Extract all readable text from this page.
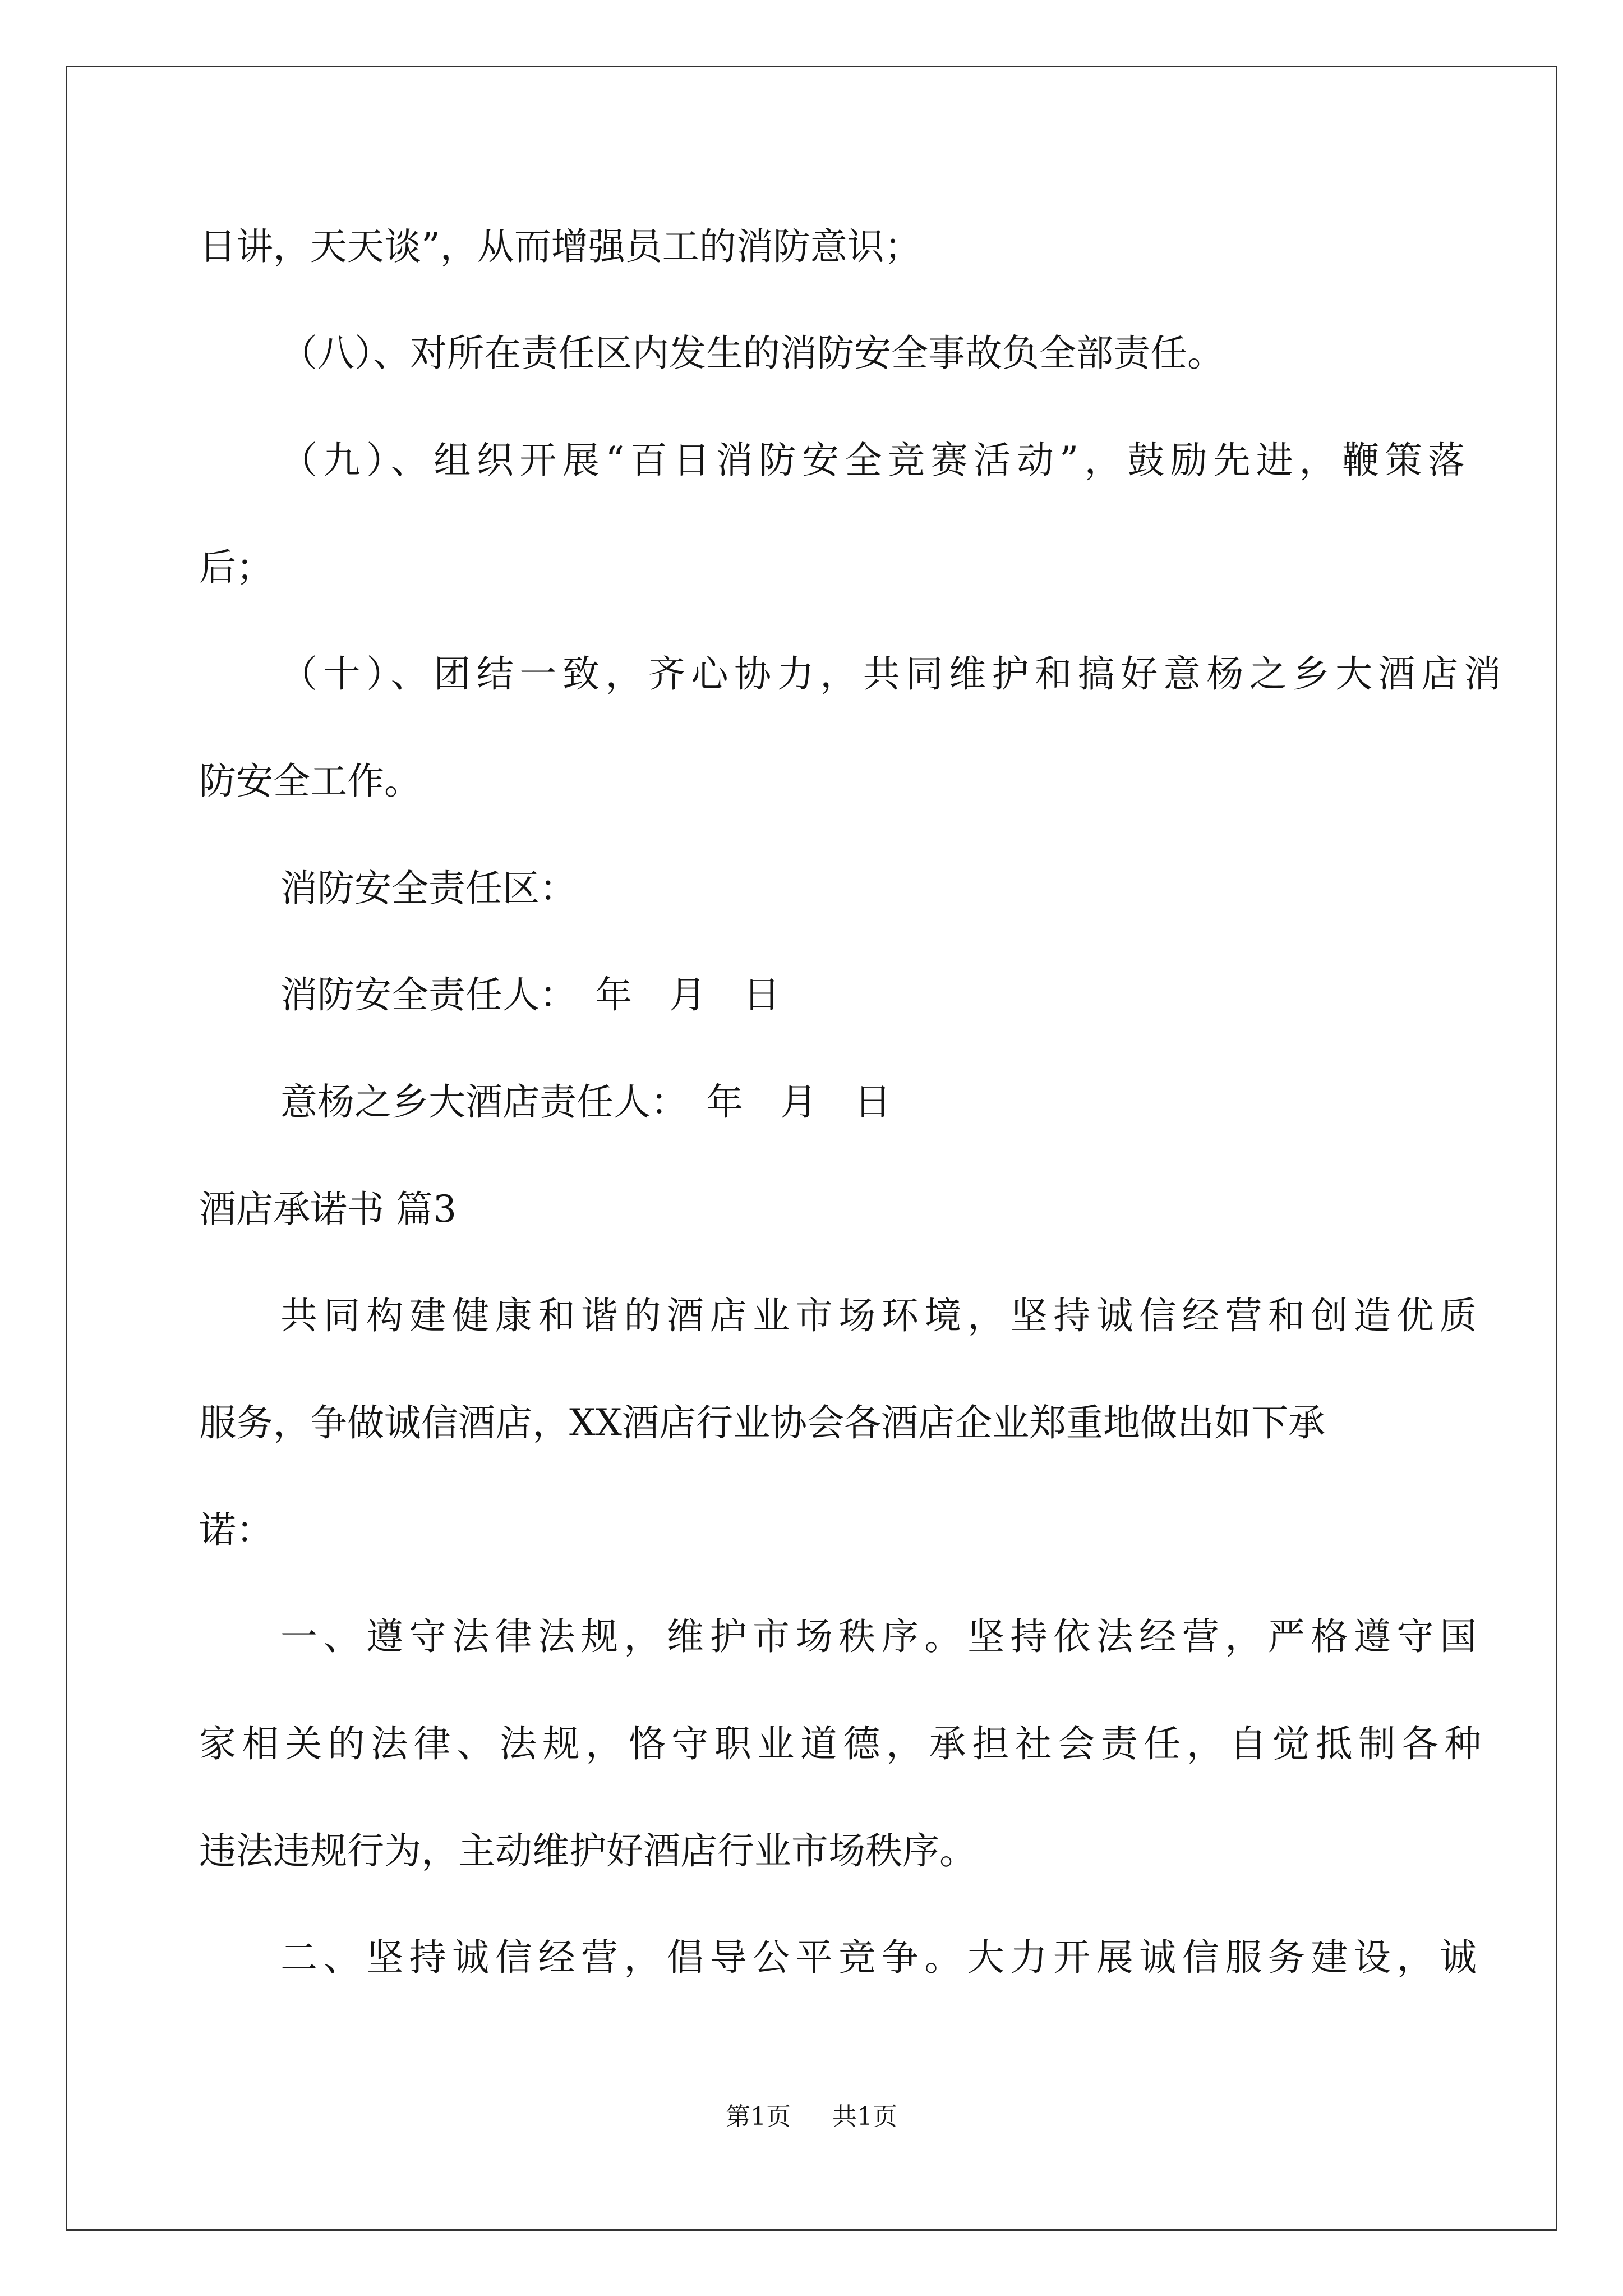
日讲，天天谈”，从而增强员工的消防意识；

（八）、对所在责任区内发生的消防安全事故负全部责任。

（九）、组织开展“百日消防安全竞赛活动”，鼓励先进，鞭策落

后；

（十）、团结一致，齐心协力，共同维护和搞好意杨之乡大酒店消

防安全工作。

消防安全责任区：

消防安全责任人：　年　月　日

意杨之乡大酒店责任人：　年　月　日

酒店承诺书 篇3

共同构建健康和谐的酒店业市场环境，坚持诚信经营和创造优质

服务，争做诚信酒店，XX酒店行业协会各酒店企业郑重地做出如下承

诺：

一、遵守法律法规，维护市场秩序。坚持依法经营，严格遵守国

家相关的法律、法规，恪守职业道德，承担社会责任，自觉抵制各种

违法违规行为，主动维护好酒店行业市场秩序。

二、坚持诚信经营，倡导公平竞争。大力开展诚信服务建设，诚

第1页 共1页
